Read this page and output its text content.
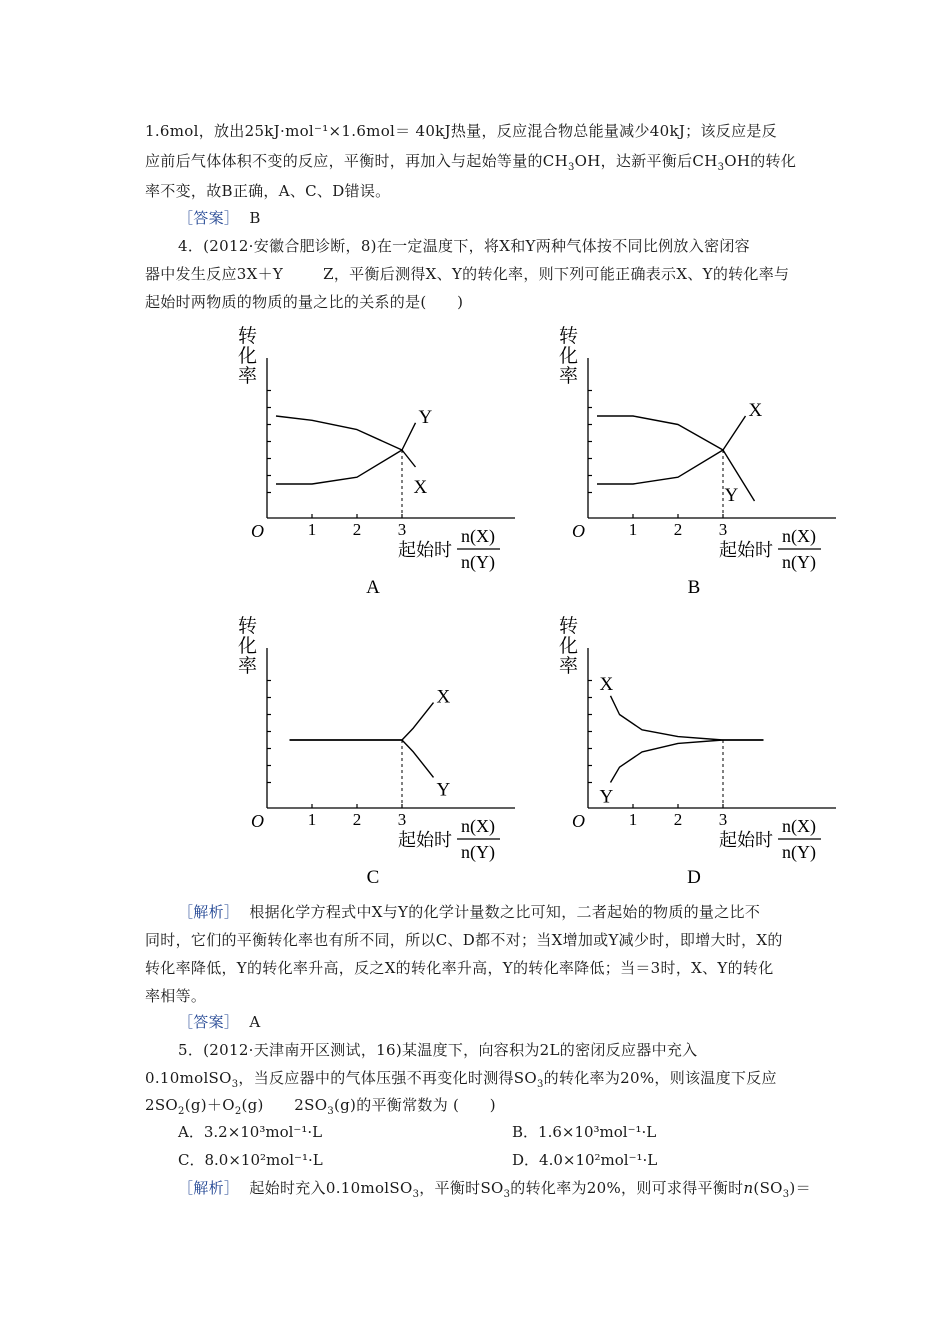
1.6mol，放出25kJ·mol⁻¹×1.6mol＝ 40kJ热量，反应混合物总能量减少40kJ；该反应是反
应前后气体体积不变的反应，平衡时，再加入与起始等量的$CH_3OH$，达新平衡后$CH_3OH$的转化
率不变，故B正确，A、C、D错误。
［答案］ B
4．(2012·安徽合肥诊断，8)在一定温度下，将X和Y两种气体按不同比例放入密闭容
器中发生反应3X＋Y	Z，平衡后测得X、Y的转化率，则下列可能正确表示X、Y的转化率与
起始时两物质的物质的量之比的关系的是(　　)
转
化
率
O	1 2 3
X
Y
起始时
n(X)
n(Y)
A
转
化
率
O	1 2 3
X
Y
起始时
n(X)
n(Y)
B
转
化
率
O	1 2 3
X
Y
起始时
n(X)
n(Y)
C
转
化
率
O	1 2 3
X
Y
起始时
n(X)
n(Y)
D
［解析］ 根据化学方程式中X与Y的化学计量数之比可知，二者起始的物质的量之比不
同时，它们的平衡转化率也有所不同，所以C、D都不对；当X增加或Y减少时，即增大时，X的
转化率降低，Y的转化率升高，反之X的转化率升高，Y的转化率降低；当＝3时，X、Y的转化
率相等。
［答案］ A
5．(2012·天津南开区测试，16)某温度下，向容积为2L的密闭反应器中充入
0.10molSO$_3$，当反应器中的气体压强不再变化时测得$SO_3$的转化率为20%，则该温度下反应
$2SO_2(g)+O_2(g)$　　$2SO_3(g)$的平衡常数为 (　　)
A．3.2×10³mol⁻¹·L	B．1.6×10³mol⁻¹·L
C．8.0×10²mol⁻¹·L	D．4.0×10²mol⁻¹·L
［解析］ 起始时充入0.10molSO$_3$，平衡时$SO_3$的转化率为20%，则可求得平衡时$n(SO_3)=$
